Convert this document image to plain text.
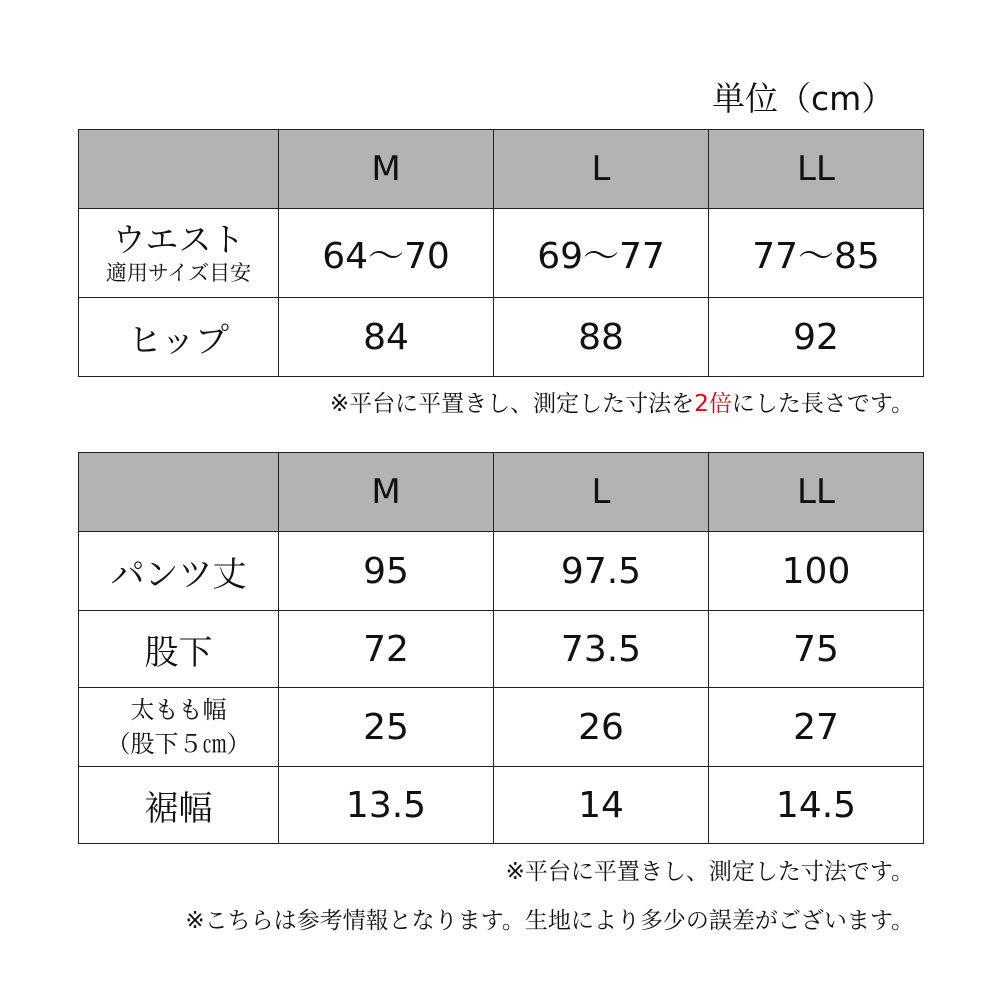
単位（cm）
	M	L	LL

ウエスト
適用サイズ目安	64～70	69～77	77～85
ヒップ	84	88	92
※平台に平置きし、測定した寸法を2倍にした長さです。
	M	L	LL
パンツ丈	95	97.5	100
股下	72	73.5	75

太もも幅
（股下５㎝）	25	26	27
裾幅	13.5	14	14.5
※平台に平置きし、測定した寸法です。
※こちらは参考情報となります。生地により多少の誤差がございます。
